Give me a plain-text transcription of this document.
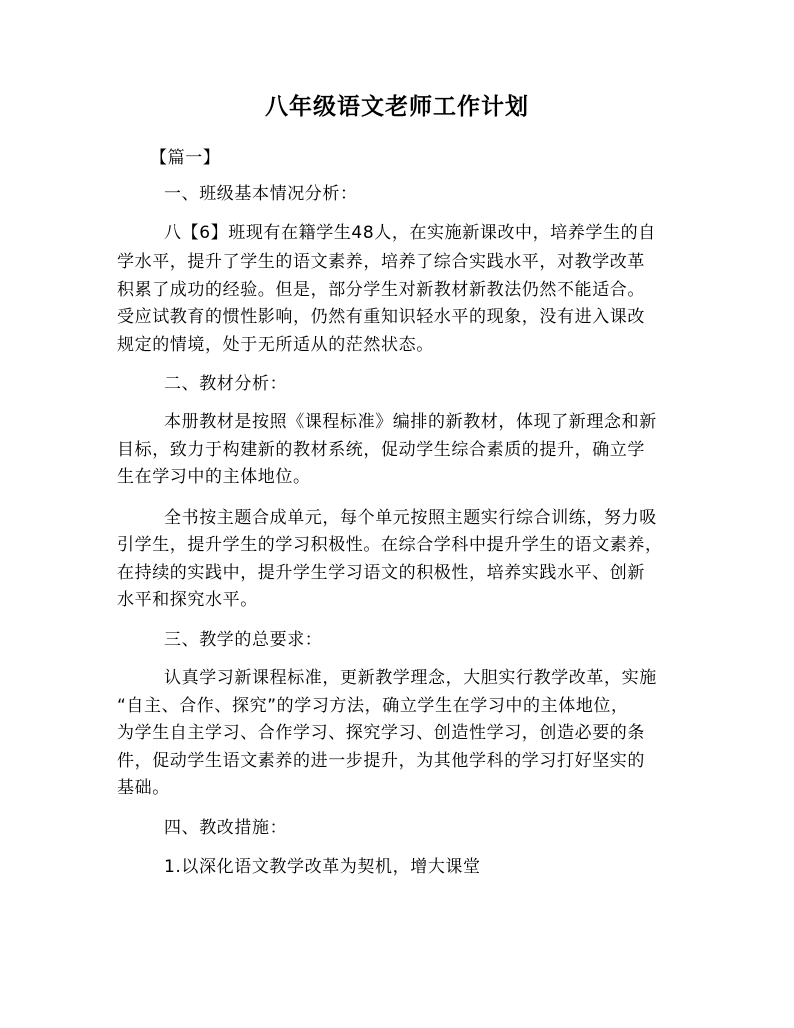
八年级语文老师工作计划
【篇一】
一、班级基本情况分析：
八【6】班现有在籍学生48人，在实施新课改中，培养学生的自
学水平，提升了学生的语文素养，培养了综合实践水平，对教学改革
积累了成功的经验。但是，部分学生对新教材新教法仍然不能适合。
受应试教育的惯性影响，仍然有重知识轻水平的现象，没有进入课改
规定的情境，处于无所适从的茫然状态。
二、教材分析：
本册教材是按照《课程标准》编排的新教材，体现了新理念和新
目标，致力于构建新的教材系统，促动学生综合素质的提升，确立学
生在学习中的主体地位。
全书按主题合成单元，每个单元按照主题实行综合训练，努力吸
引学生，提升学生的学习积极性。在综合学科中提升学生的语文素养，
在持续的实践中，提升学生学习语文的积极性，培养实践水平、创新
水平和探究水平。
三、教学的总要求：
认真学习新课程标准，更新教学理念，大胆实行教学改革，实施
“自主、合作、探究”的学习方法，确立学生在学习中的主体地位，
为学生自主学习、合作学习、探究学习、创造性学习，创造必要的条
件，促动学生语文素养的进一步提升，为其他学科的学习打好坚实的
基础。
四、教改措施：
1.以深化语文教学改革为契机，增大课堂
